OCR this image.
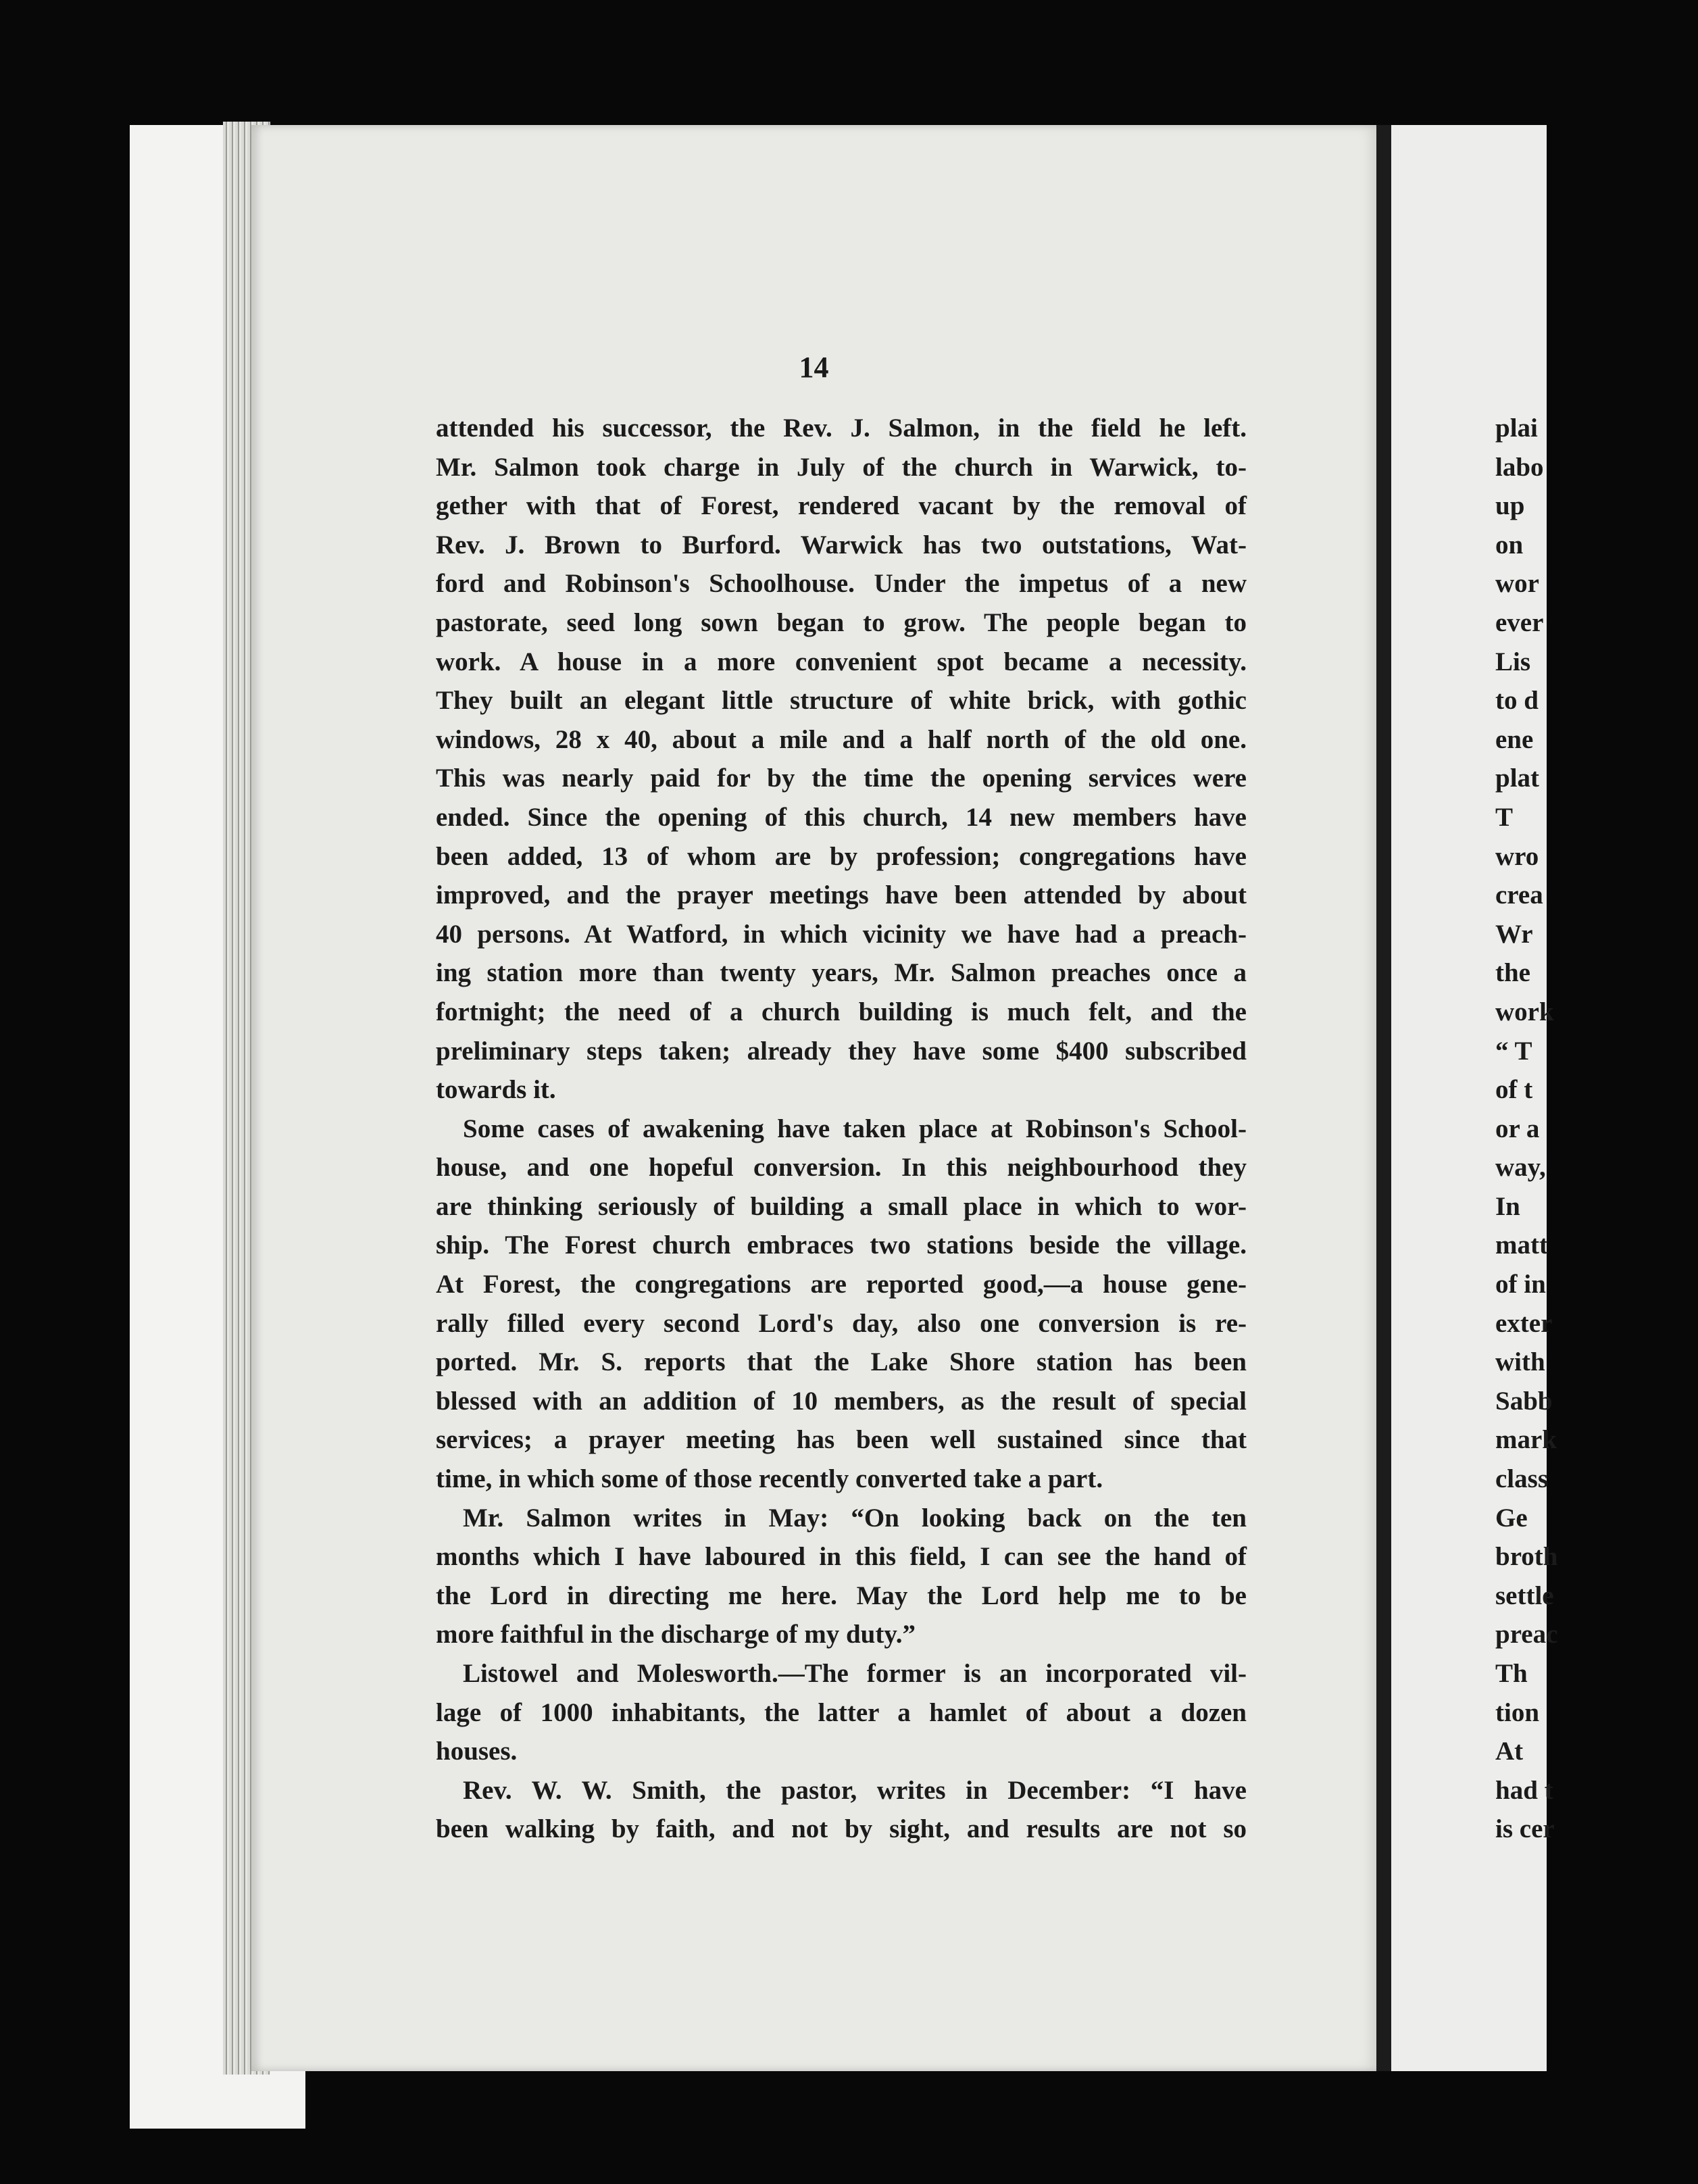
14
attended his successor, the Rev. J. Salmon, in the field he left.
Mr. Salmon took charge in July of the church in Warwick, to-
gether with that of Forest, rendered vacant by the removal of
Rev. J. Brown to Burford. Warwick has two outstations, Wat-
ford and Robinson's Schoolhouse. Under the impetus of a new
pastorate, seed long sown began to grow. The people began to
work. A house in a more convenient spot became a necessity.
They built an elegant little structure of white brick, with gothic
windows, 28 x 40, about a mile and a half north of the old one.
This was nearly paid for by the time the opening services were
ended. Since the opening of this church, 14 new members have
been added, 13 of whom are by profession; congregations have
improved, and the prayer meetings have been attended by about
40 persons. At Watford, in which vicinity we have had a preach-
ing station more than twenty years, Mr. Salmon preaches once a
fortnight; the need of a church building is much felt, and the
preliminary steps taken; already they have some $400 subscribed
towards it.
Some cases of awakening have taken place at Robinson's School-
house, and one hopeful conversion. In this neighbourhood they
are thinking seriously of building a small place in which to wor-
ship. The Forest church embraces two stations beside the village.
At Forest, the congregations are reported good,—a house gene-
rally filled every second Lord's day, also one conversion is re-
ported. Mr. S. reports that the Lake Shore station has been
blessed with an addition of 10 members, as the result of special
services; a prayer meeting has been well sustained since that
time, in which some of those recently converted take a part.
Mr. Salmon writes in May: “On looking back on the ten
months which I have laboured in this field, I can see the hand of
the Lord in directing me here. May the Lord help me to be
more faithful in the discharge of my duty.”
Listowel and Molesworth.—The former is an incorporated vil-
lage of 1000 inhabitants, the latter a hamlet of about a dozen
houses.
Rev. W. W. Smith, the pastor, writes in December: “I have
been walking by faith, and not by sight, and results are not so
plai
labo
up
on
wor
ever
Lis
to d
ene
plat
T
wro
crea
Wr
the
work
“ T
of t
or a
way,
In
matt
of in
exter
with
Sabb
mark
class
Ge
broth
settle
preac
Th
tion
At
had t
is cer
